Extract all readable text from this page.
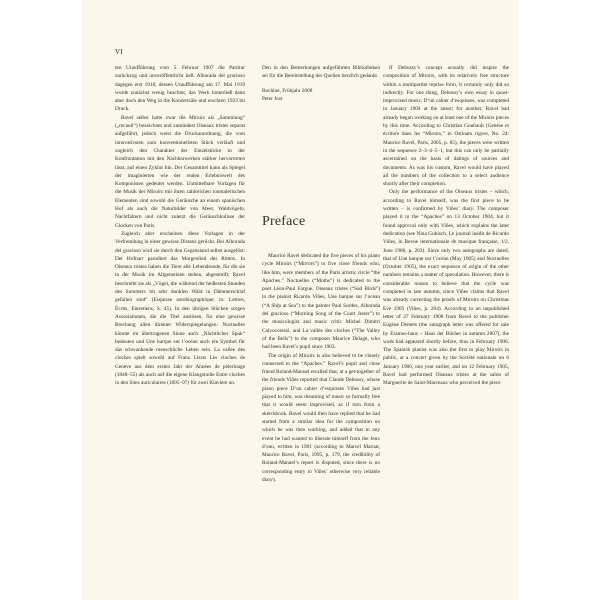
VI

ten Uraufführung vom 5. Februar 1907 die Partitur zurückzog und unveröffentlicht ließ. Alborada del gracioso dagegen erst 1918, dessen Uraufführung am 17. Mai 1919 wurde zunächst wenig beachtet, das Werk hinterließ dann aber doch den Weg in die Konzertsäle und erschien 1923 im Druck.

Ravel selbst hatte zwar die Miroirs als „Sammlung“ („recueil“) bezeichnet und zumindest Oiseaux tristes separat aufgeführt, jedoch weist die Druckanordnung, die vom innovativsten zum konventionellsten Stück verläuft und zugleich den Charakter der Einzelstücke in der Konfrontation mit den Nachbarwerken stärker hervortreten lässt, auf einen Zyklus hin. Der Gesamttitel kann als Spiegel der imaginierten wie der realen Erlebniswelt des Komponisten gedeutet werden. Unmittelbare Vorlagen für die Musik der Miroirs mit ihren zahlreichen tonmalerischen Elementen sind sowohl die Geräusche an einem spanischen Hof als auch die Naturbilder von Meer, Waldvögeln, Nachtfaltern und nicht zuletzt die Geräuschkulisse der Glocken von Paris.

Zugleich aber erscheinen diese Vorlagen in der Verfremdung in einer gewisse Distanz gerückt. Bei Alborada del gracioso wird sie durch den Gegenstand selbst ausgelöst: Der Hofnarr parodiert das Morgenlied des Ritters. In Oiseaux tristes haben die Tiere alle Lebendrende, für die sie in der Musik im Allgemeinen stehen, abgestreift; Ravel beschreibt sie als „Vögel, die während der heißesten Stunden des Sommers im sehr dunklen Wald in Dämmerschlaf gefallen sind“ (Esquisse autobiographique, in: Lettres, Écrits, Entretiens, S. 45). In den übrigen Stücken sorgen Assoziationen, die die Titel auslösen, für eine gewisse Brechung allen direkter Widerspiegelungen: Noctuelles könnte im übertragenen Sinne auch „Nächtlicher Spuk“ bedeuten und Une barque sur l’océan auch ein Symbol für das schwankende menschliche Leben sein. La vallée des cloches spielt sowohl auf Franz Liszts Les cloches de Genève aus dem ersten Jahr der Années de pèlerinage (1848–55) als auch auf die eigene Klangstudie Entre cloches in den Sites auriculaires (1895–97) für zwei Klaviere an.

Den in den Bemerkungen aufgeführten Bibliotheken sei für die Bereitstellung der Quellen herzlich gedankt.

Bochloe, Frühjahr 2008

Peter Jost

Preface

Maurice Ravel dedicated the five pieces of his piano cycle Miroirs (“Mirrors”) to five close friends who, like him, were members of the Paris artistic circle “the Apaches.” Noctuelles (“Moths”) is dedicated to the poet Léon-Paul Fargue, Oiseaux tristes (“Sad Birds”) to the pianist Ricardo Viñes, Une barque sur l’océan (“A Ship at Sea”) to the painter Paul Sordes, Alborada del gracioso (“Morning Song of the Court Jester”) to the musicologist and music critic Michel Dimitri Calvocoressi, and La vallée des cloches (“The Valley of the Bells”) to the composer Maurice Delage, who had been Ravel’s pupil since 1903.

The origin of Miroirs is also believed to be closely connected to the “Apaches.” Ravel’s pupil and close friend Roland-Manuel recalled that, at a get-together of the friends Viñes reported that Claude Debussy, whose piano piece D’un cahier d’esquisses Viñes had just played to him, was dreaming of music so formally free that it would seem improvised, as if torn from a sketchbook. Ravel would then have replied that he had started from a similar idea for the composition on which he was then working, and added that in any event he had wanted to liberate himself from the Jeux d’eau, written in 1901 (according to Marcel Marnat, Maurice Ravel, Paris, 1995, p. 179, the credibility of Roland-Manuel’s report is disputed, since there is no corresponding entry in Viñes’ otherwise very reliable diary).

If Debussy’s concept actually did inspire the composition of Miroirs, with its relatively free structure within a multipartite reprise form, it certainly only did so indirectly. For one thing, Debussy’s own essay in quasi-improvised music, D’un cahier d’esquisses, was completed in January 1904 at the latest; for another, Ravel had already begun working on at least one of the Miroirs pieces by this time. According to Christian Goubault (Genèse et écriture dans les “Miroirs,” in Ostinato rigore, No. 24: Maurice Ravel, Paris, 2005, p. 85), the pieces were written in the sequence 2–3–4–5–1, but this can only be partially ascertained on the basis of datings of sources and documents. As was his custom, Ravel would have played all the numbers of the collection to a select audience shortly after their completion.

Only the performance of the Oiseaux tristes – which, according to Ravel himself, was the first piece to be written – is confirmed by Viñes’ diary. The composer played it to the “Apaches” on 13 October 1904, but it found approval only with Viñes, which explains the later dedication (see Nina Gubisch, Le journal inédit de Ricardo Viñes, in Revue internationale de musique française, 1/2, June 1980, p. 203). Since only two autographs are dated, that of Une barque sur l’océan (May 1905) and Noctuelles (October 1905), the exact sequence of origin of the other numbers remains a matter of speculation. However, there is considerable reason to believe that the cycle was completed in late autumn, since Viñes claims that Ravel was already correcting the proofs of Miroirs on Christmas Eve 1905 (Viñes, p. 204). According to an unpublished letter of 27 February 1906 from Ravel to the publisher Eugène Demets (the autograph letter was offered for sale by Eramus-haus – Haus der Bücher in autumn 2007), the work had appeared shortly before, thus in February 1906. The Spanish pianist was also the first to play Miroirs in public, at a concert given by the Société nationale on 6 January 1906, one year earlier, and on 12 February 1905, Ravel had performed Oiseaux tristes at the salon of Marguerite de Saint-Marceaux who perceived the piece
